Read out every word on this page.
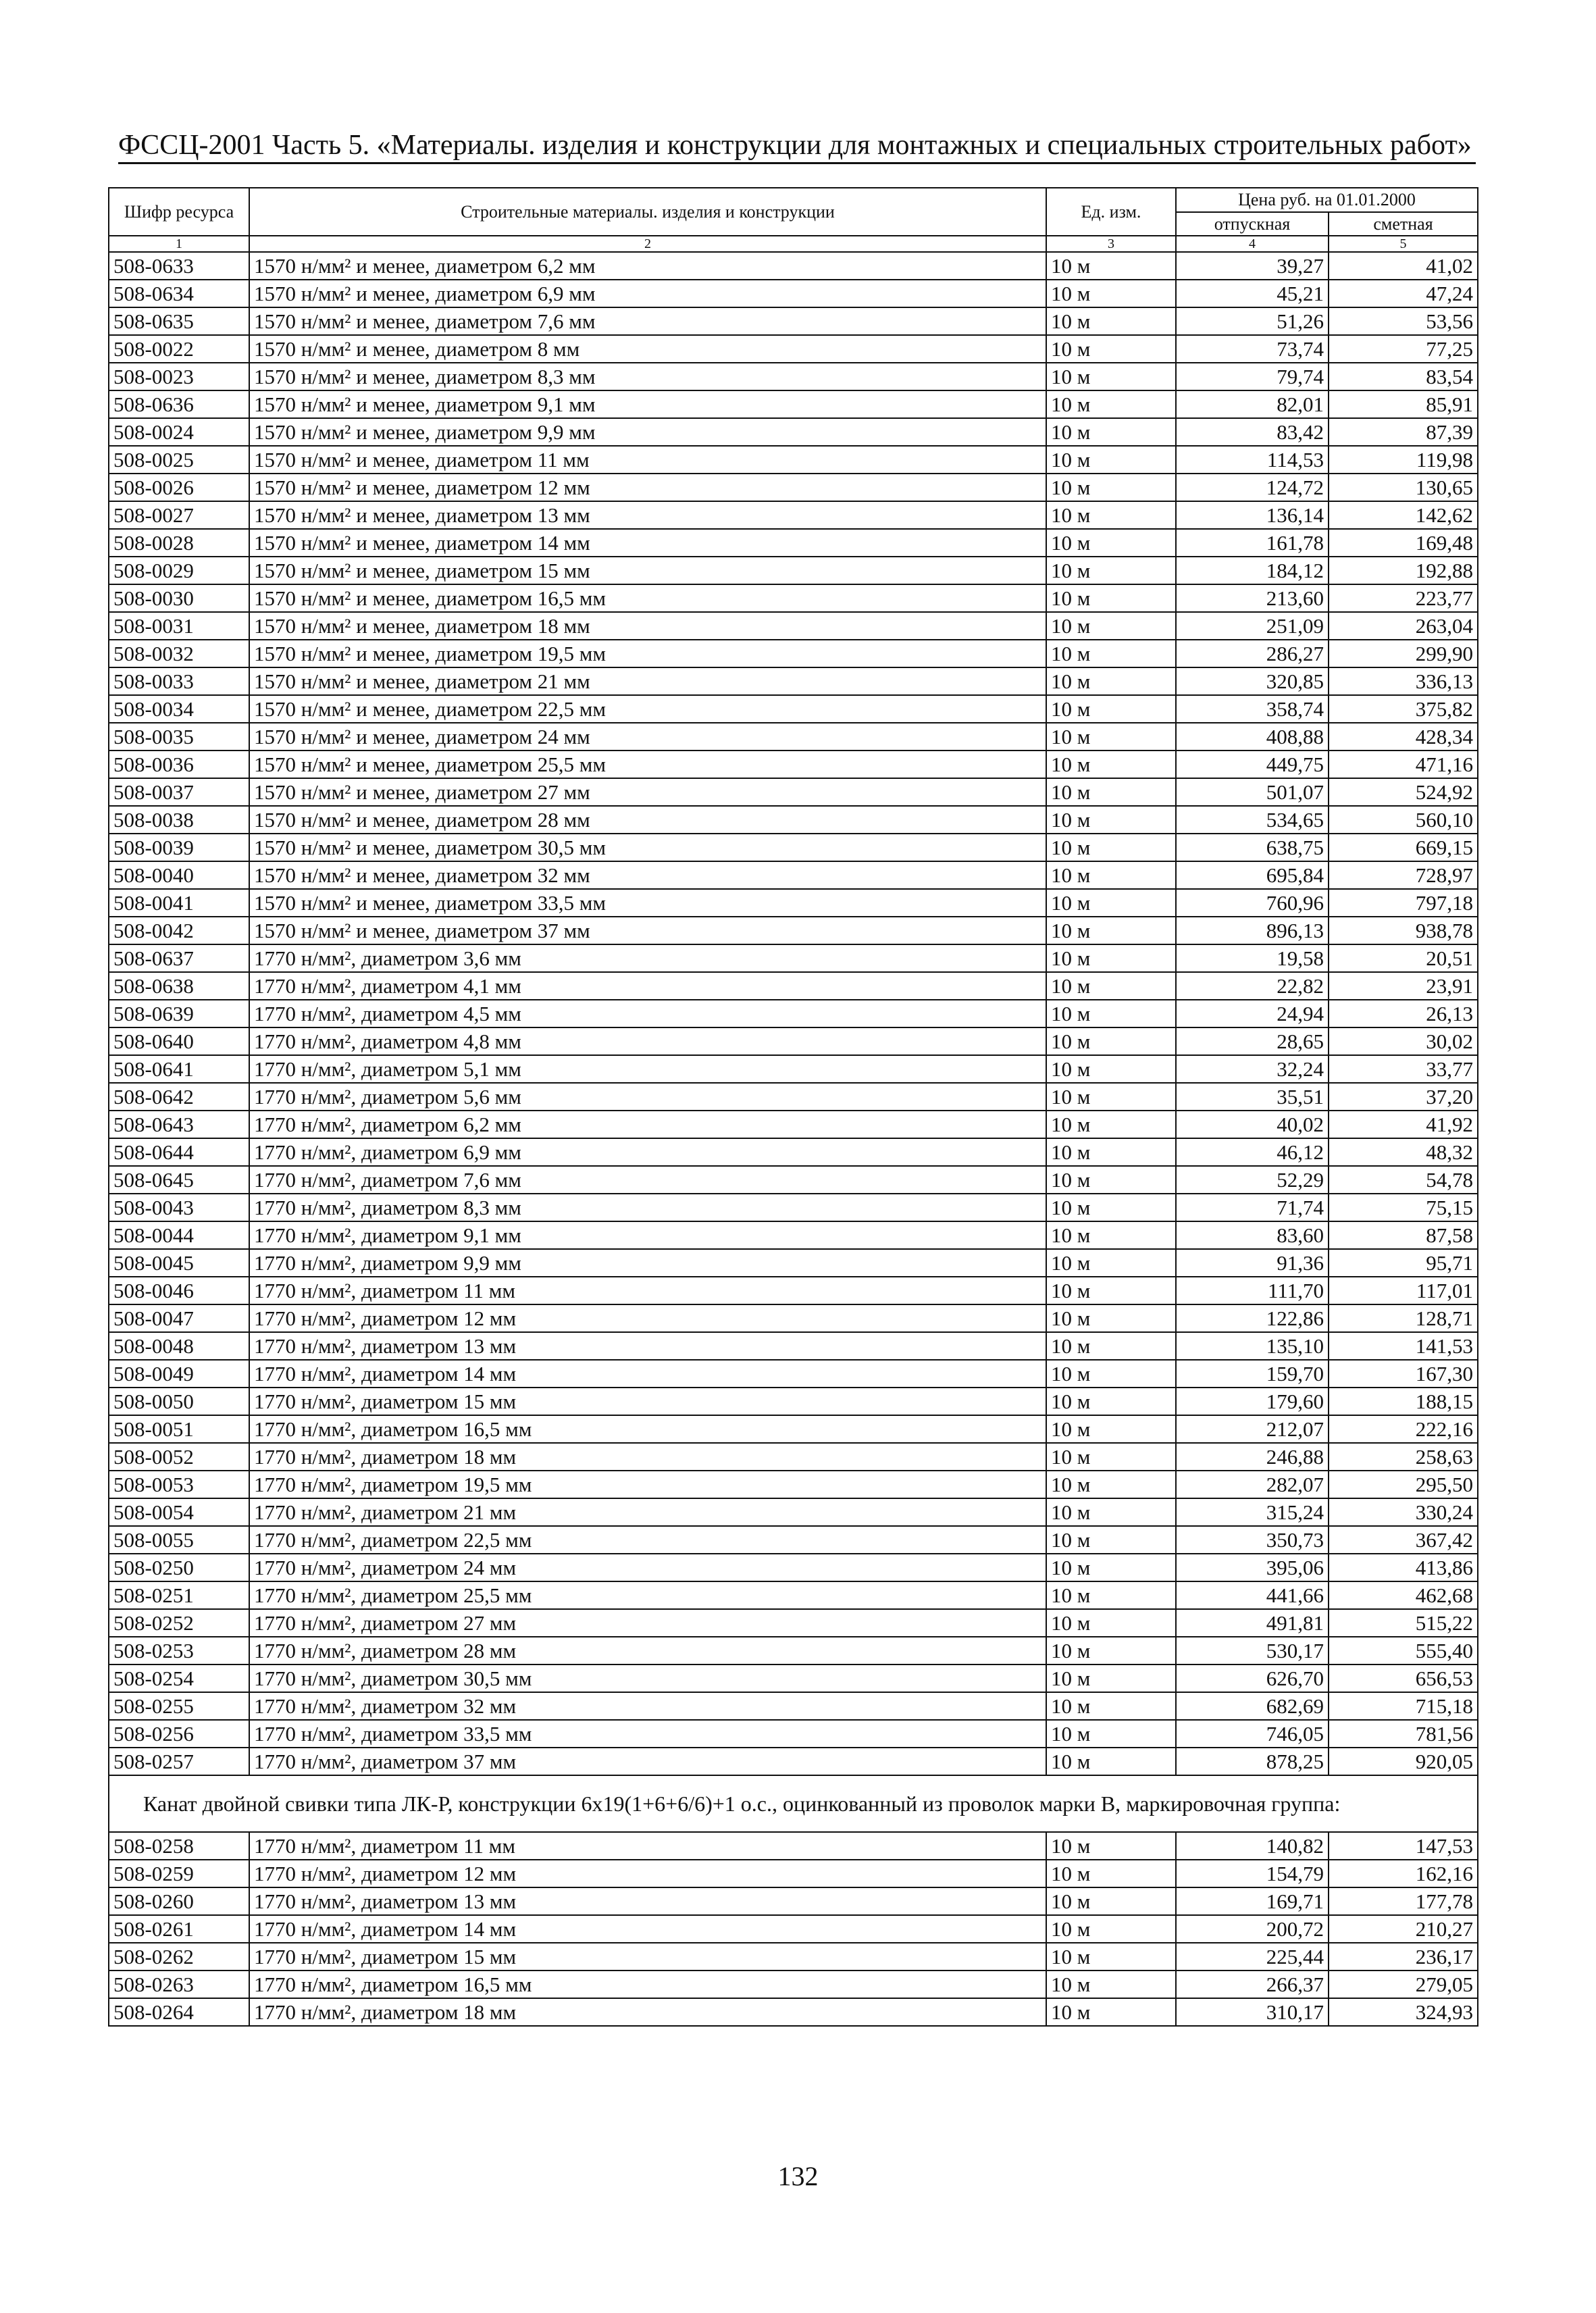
ФССЦ-2001 Часть 5. «Материалы. изделия и конструкции для монтажных и специальных строительных работ»
Шифр ресурса	Строительные материалы. изделия и конструкции	Ед. изм.	Цена руб. на 01.01.2000	
			отпускная	сметная
1	2	3	4	5
508-0633	1570 н/мм² и менее, диаметром 6,2 мм	10 м	39,27	41,02
508-0634	1570 н/мм² и менее, диаметром 6,9 мм	10 м	45,21	47,24
508-0635	1570 н/мм² и менее, диаметром 7,6 мм	10 м	51,26	53,56
508-0022	1570 н/мм² и менее, диаметром 8 мм	10 м	73,74	77,25
508-0023	1570 н/мм² и менее, диаметром 8,3 мм	10 м	79,74	83,54
508-0636	1570 н/мм² и менее, диаметром 9,1 мм	10 м	82,01	85,91
508-0024	1570 н/мм² и менее, диаметром 9,9 мм	10 м	83,42	87,39
508-0025	1570 н/мм² и менее, диаметром 11 мм	10 м	114,53	119,98
508-0026	1570 н/мм² и менее, диаметром 12 мм	10 м	124,72	130,65
508-0027	1570 н/мм² и менее, диаметром 13 мм	10 м	136,14	142,62
508-0028	1570 н/мм² и менее, диаметром 14 мм	10 м	161,78	169,48
508-0029	1570 н/мм² и менее, диаметром 15 мм	10 м	184,12	192,88
508-0030	1570 н/мм² и менее, диаметром 16,5 мм	10 м	213,60	223,77
508-0031	1570 н/мм² и менее, диаметром 18 мм	10 м	251,09	263,04
508-0032	1570 н/мм² и менее, диаметром 19,5 мм	10 м	286,27	299,90
508-0033	1570 н/мм² и менее, диаметром 21 мм	10 м	320,85	336,13
508-0034	1570 н/мм² и менее, диаметром 22,5 мм	10 м	358,74	375,82
508-0035	1570 н/мм² и менее, диаметром 24 мм	10 м	408,88	428,34
508-0036	1570 н/мм² и менее, диаметром 25,5 мм	10 м	449,75	471,16
508-0037	1570 н/мм² и менее, диаметром 27 мм	10 м	501,07	524,92
508-0038	1570 н/мм² и менее, диаметром 28 мм	10 м	534,65	560,10
508-0039	1570 н/мм² и менее, диаметром 30,5 мм	10 м	638,75	669,15
508-0040	1570 н/мм² и менее, диаметром 32 мм	10 м	695,84	728,97
508-0041	1570 н/мм² и менее, диаметром 33,5 мм	10 м	760,96	797,18
508-0042	1570 н/мм² и менее, диаметром 37 мм	10 м	896,13	938,78
508-0637	1770 н/мм², диаметром 3,6 мм	10 м	19,58	20,51
508-0638	1770 н/мм², диаметром 4,1 мм	10 м	22,82	23,91
508-0639	1770 н/мм², диаметром 4,5 мм	10 м	24,94	26,13
508-0640	1770 н/мм², диаметром 4,8 мм	10 м	28,65	30,02
508-0641	1770 н/мм², диаметром 5,1 мм	10 м	32,24	33,77
508-0642	1770 н/мм², диаметром 5,6 мм	10 м	35,51	37,20
508-0643	1770 н/мм², диаметром 6,2 мм	10 м	40,02	41,92
508-0644	1770 н/мм², диаметром 6,9 мм	10 м	46,12	48,32
508-0645	1770 н/мм², диаметром 7,6 мм	10 м	52,29	54,78
508-0043	1770 н/мм², диаметром 8,3 мм	10 м	71,74	75,15
508-0044	1770 н/мм², диаметром 9,1 мм	10 м	83,60	87,58
508-0045	1770 н/мм², диаметром 9,9 мм	10 м	91,36	95,71
508-0046	1770 н/мм², диаметром 11 мм	10 м	111,70	117,01
508-0047	1770 н/мм², диаметром 12 мм	10 м	122,86	128,71
508-0048	1770 н/мм², диаметром 13 мм	10 м	135,10	141,53
508-0049	1770 н/мм², диаметром 14 мм	10 м	159,70	167,30
508-0050	1770 н/мм², диаметром 15 мм	10 м	179,60	188,15
508-0051	1770 н/мм², диаметром 16,5 мм	10 м	212,07	222,16
508-0052	1770 н/мм², диаметром 18 мм	10 м	246,88	258,63
508-0053	1770 н/мм², диаметром 19,5 мм	10 м	282,07	295,50
508-0054	1770 н/мм², диаметром 21 мм	10 м	315,24	330,24
508-0055	1770 н/мм², диаметром 22,5 мм	10 м	350,73	367,42
508-0250	1770 н/мм², диаметром 24 мм	10 м	395,06	413,86
508-0251	1770 н/мм², диаметром 25,5 мм	10 м	441,66	462,68
508-0252	1770 н/мм², диаметром 27 мм	10 м	491,81	515,22
508-0253	1770 н/мм², диаметром 28 мм	10 м	530,17	555,40
508-0254	1770 н/мм², диаметром 30,5 мм	10 м	626,70	656,53
508-0255	1770 н/мм², диаметром 32 мм	10 м	682,69	715,18
508-0256	1770 н/мм², диаметром 33,5 мм	10 м	746,05	781,56
508-0257	1770 н/мм², диаметром 37 мм	10 м	878,25	920,05
Канат двойной свивки типа ЛК-Р, конструкции 6х19(1+6+6/6)+1 о.с., оцинкованный из проволок марки В, маркировочная группа:				
508-0258	1770 н/мм², диаметром 11 мм	10 м	140,82	147,53
508-0259	1770 н/мм², диаметром 12 мм	10 м	154,79	162,16
508-0260	1770 н/мм², диаметром 13 мм	10 м	169,71	177,78
508-0261	1770 н/мм², диаметром 14 мм	10 м	200,72	210,27
508-0262	1770 н/мм², диаметром 15 мм	10 м	225,44	236,17
508-0263	1770 н/мм², диаметром 16,5 мм	10 м	266,37	279,05
508-0264	1770 н/мм², диаметром 18 мм	10 м	310,17	324,93
132
